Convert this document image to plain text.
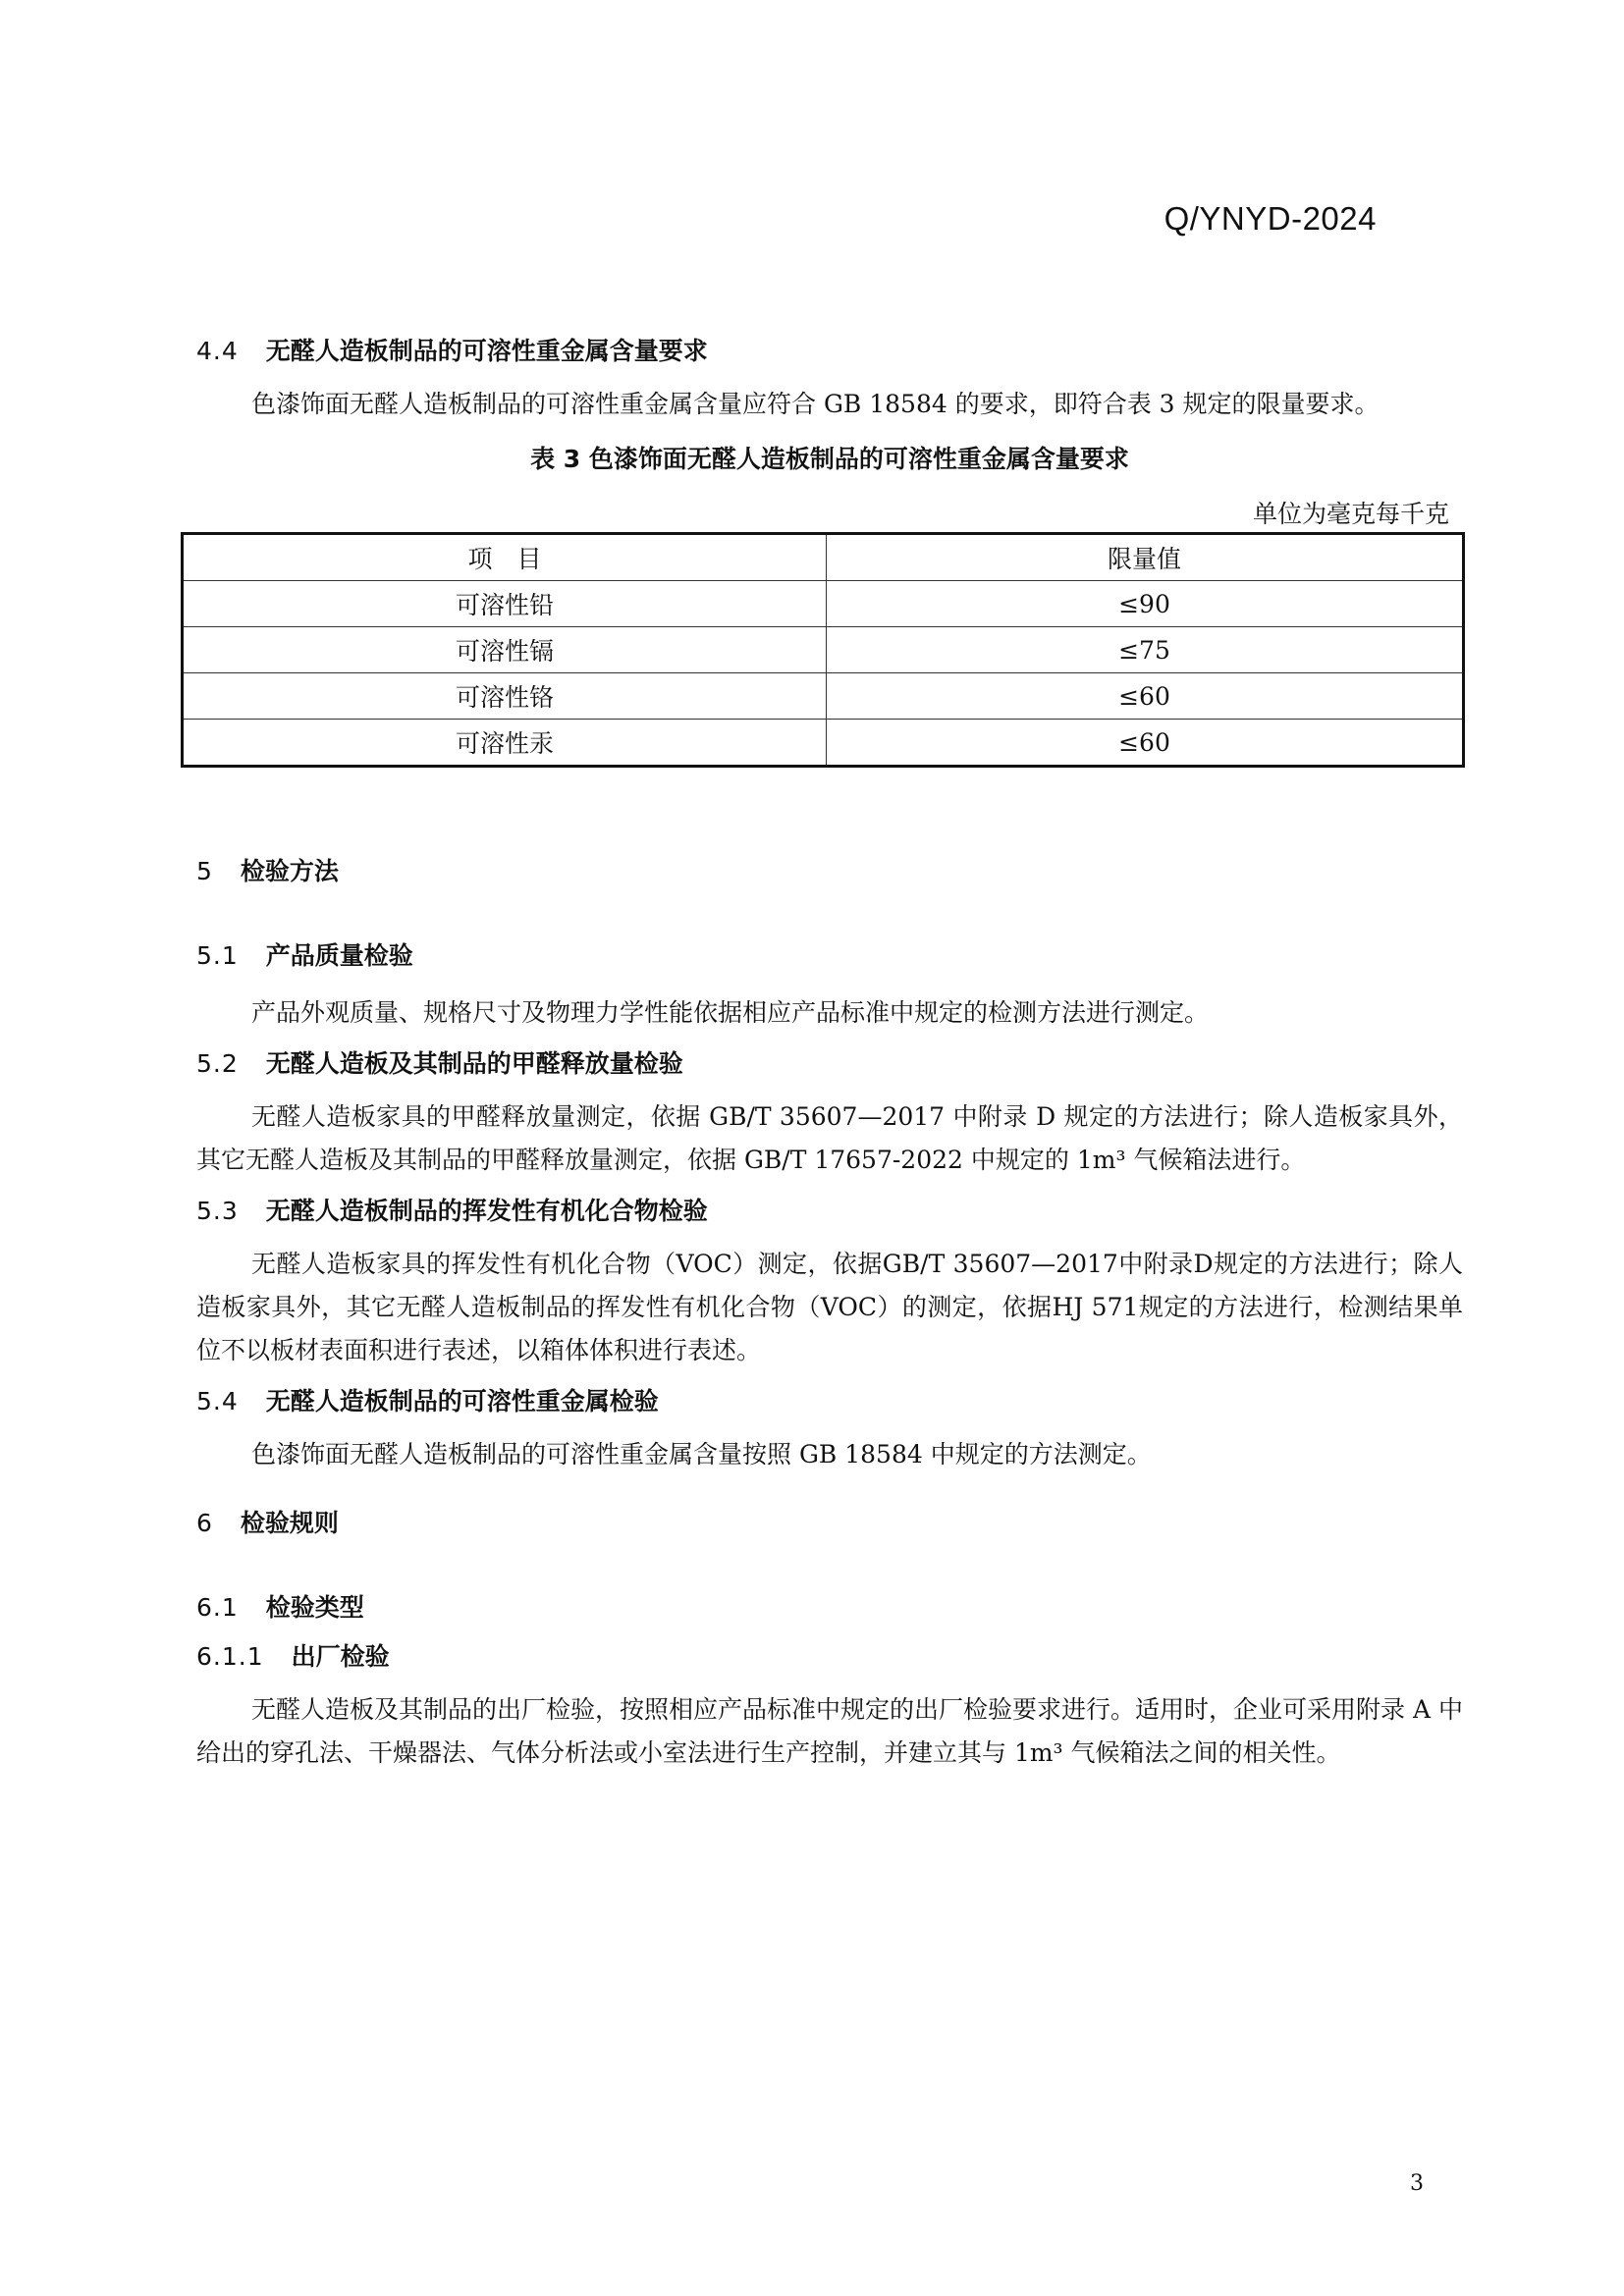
Q/YNYD-2024
4.4 无醛人造板制品的可溶性重金属含量要求

色漆饰面无醛人造板制品的可溶性重金属含量应符合 GB 18584 的要求，即符合表 3 规定的限量要求。

表 3 色漆饰面无醛人造板制品的可溶性重金属含量要求

单位为毫克每千克

项　目	限量值
可溶性铅	≤90
可溶性镉	≤75
可溶性铬	≤60
可溶性汞	≤60
5 检验方法
5.1 产品质量检验

产品外观质量、规格尺寸及物理力学性能依据相应产品标准中规定的检测方法进行测定。

5.2 无醛人造板及其制品的甲醛释放量检验

无醛人造板家具的甲醛释放量测定，依据 GB/T 35607—2017 中附录 D 规定的方法进行；除人造板家具外，其它无醛人造板及其制品的甲醛释放量测定，依据 GB/T 17657-2022 中规定的 1m³ 气候箱法进行。

5.3 无醛人造板制品的挥发性有机化合物检验

无醛人造板家具的挥发性有机化合物（VOC）测定，依据GB/T 35607—2017中附录D规定的方法进行；除人造板家具外，其它无醛人造板制品的挥发性有机化合物（VOC）的测定，依据HJ 571规定的方法进行，检测结果单位不以板材表面积进行表述，以箱体体积进行表述。

5.4 无醛人造板制品的可溶性重金属检验

色漆饰面无醛人造板制品的可溶性重金属含量按照 GB 18584 中规定的方法测定。

6 检验规则
6.1 检验类型
6.1.1 出厂检验

无醛人造板及其制品的出厂检验，按照相应产品标准中规定的出厂检验要求进行。适用时，企业可采用附录 A 中给出的穿孔法、干燥器法、气体分析法或小室法进行生产控制，并建立其与 1m³ 气候箱法之间的相关性。

3
